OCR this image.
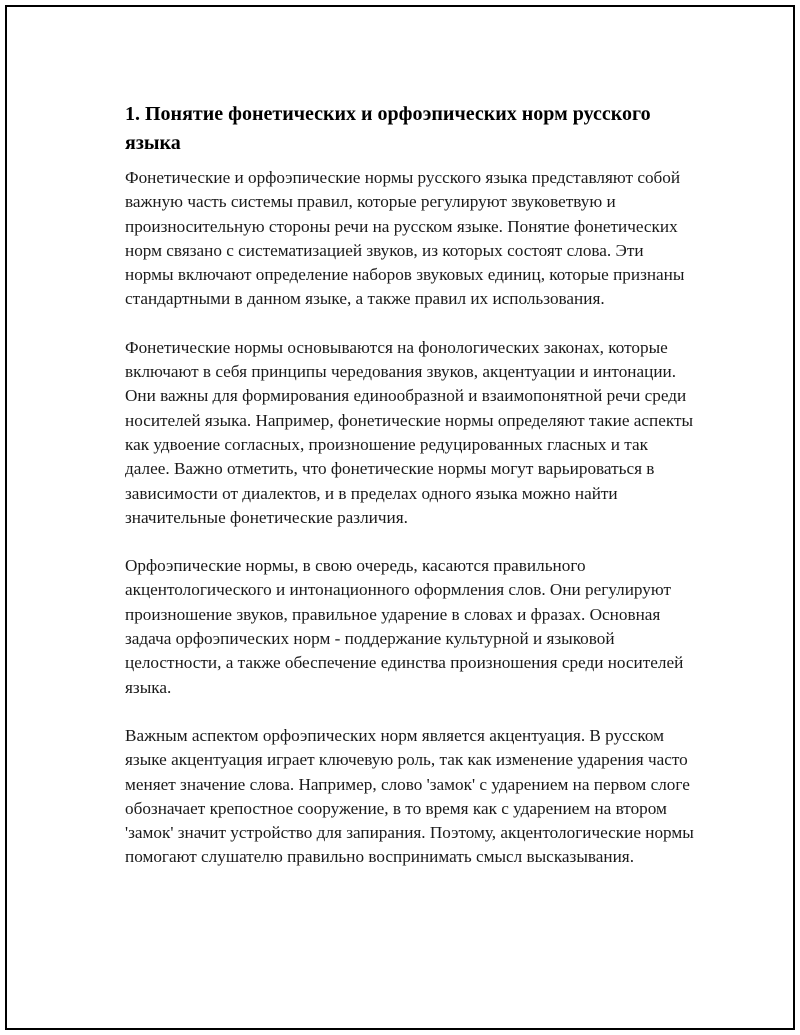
1. Понятие фонетических и орфоэпических норм русского языка

Фонетические и орфоэпические нормы русского языка представляют собой важную часть системы правил, которые регулируют звуковетвую и произносительную стороны речи на русском языке. Понятие фонетических норм связано с систематизацией звуков, из которых состоят слова. Эти нормы включают определение наборов звуковых единиц, которые признаны стандартными в данном языке, а также правил их использования.

Фонетические нормы основываются на фонологических законах, которые включают в себя принципы чередования звуков, акцентуации и интонации. Они важны для формирования единообразной и взаимопонятной речи среди носителей языка. Например, фонетические нормы определяют такие аспекты как удвоение согласных, произношение редуцированных гласных и так далее. Важно отметить, что фонетические нормы могут варьироваться в зависимости от диалектов, и в пределах одного языка можно найти значительные фонетические различия.

Орфоэпические нормы, в свою очередь, касаются правильного акцентологического и интонационного оформления слов. Они регулируют произношение звуков, правильное ударение в словах и фразах. Основная задача орфоэпических норм - поддержание культурной и языковой целостности, а также обеспечение единства произношения среди носителей языка.

Важным аспектом орфоэпических норм является акцентуация. В русском языке акцентуация играет ключевую роль, так как изменение ударения часто меняет значение слова. Например, слово 'замок' с ударением на первом слоге обозначает крепостное сооружение, в то время как с ударением на втором 'замок' значит устройство для запирания. Поэтому, акцентологические нормы помогают слушателю правильно воспринимать смысл высказывания.
